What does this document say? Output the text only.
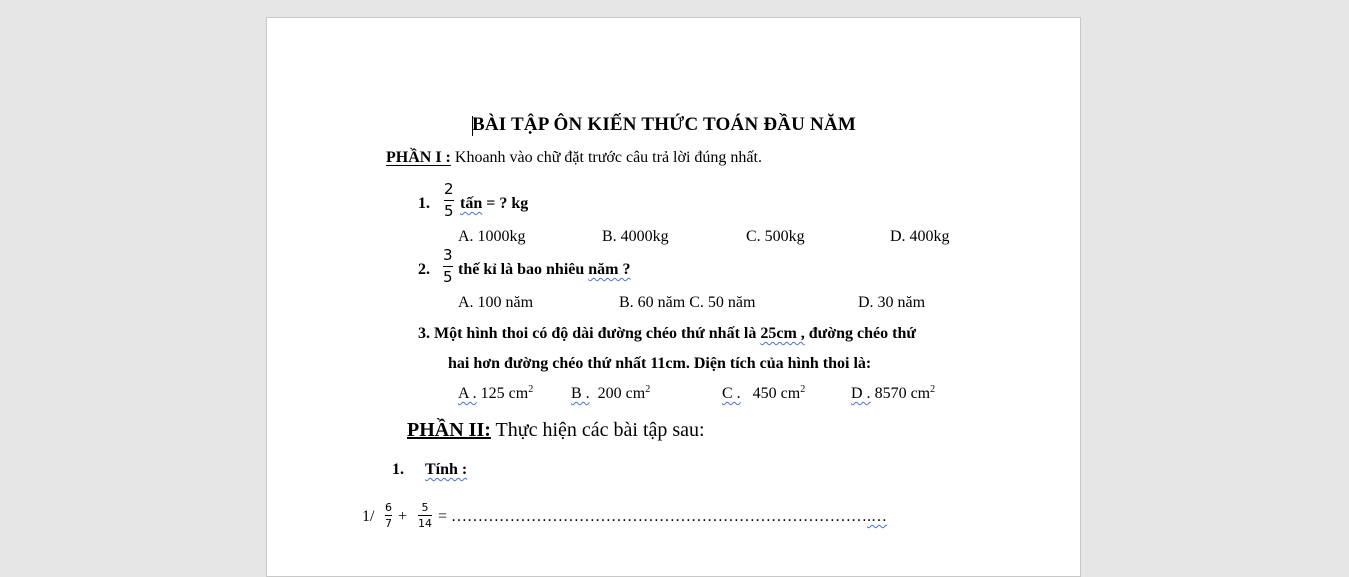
BÀI TẬP ÔN KIẾN THỨC TOÁN ĐẦU NĂM
PHẦN I : Khoanh vào chữ đặt trước câu trả lời đúng nhất.
1.
2
5 tấn = ? kg
A. 1000kg	B. 4000kg	C. 500kg	D. 400kg
2.
3
5 thế kỉ là bao nhiêu năm ?
A. 100 năm	B. 60 năm C. 50 năm	D. 30 năm
3. Một hình thoi có độ dài đường chéo thứ nhất là 25cm , đường chéo thứ
hai hơn đường chéo thứ nhất 11cm. Diện tích của hình thoi là:
A . 125 $cm^2$ B . 200 $cm^2$	C . 450 $cm^2$	D . 8570 $cm^2$
PHẦN II: Thực hiện các bài tập sau:
1. Tính :
1/
6
7 +
5
14 = …………………………………………………………………….…
